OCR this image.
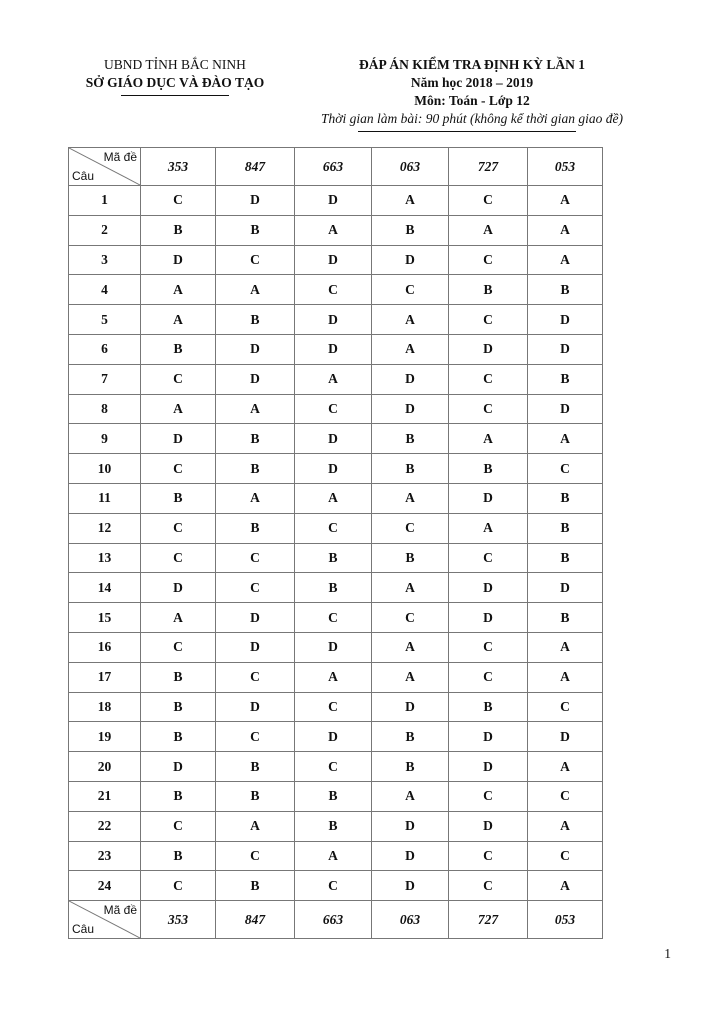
UBND TỈNH BẮC NINH
SỞ GIÁO DỤC VÀ ĐÀO TẠO
ĐÁP ÁN KIỂM TRA ĐỊNH KỲ LẦN 1
Năm học 2018 – 2019
Môn: Toán - Lớp 12
Thời gian làm bài: 90 phút (không kể thời gian giao đề)
Mã đề
Câu	353	847	663	063	727	053
1	C	D	D	A	C	A
2	B	B	A	B	A	A
3	D	C	D	D	C	A
4	A	A	C	C	B	B
5	A	B	D	A	C	D
6	B	D	D	A	D	D
7	C	D	A	D	C	B
8	A	A	C	D	C	D
9	D	B	D	B	A	A
10	C	B	D	B	B	C
11	B	A	A	A	D	B
12	C	B	C	C	A	B
13	C	C	B	B	C	B
14	D	C	B	A	D	D
15	A	D	C	C	D	B
16	C	D	D	A	C	A
17	B	C	A	A	C	A
18	B	D	C	D	B	C
19	B	C	D	B	D	D
20	D	B	C	B	D	A
21	B	B	B	A	C	C
22	C	A	B	D	D	A
23	B	C	A	D	C	C
24	C	B	C	D	C	A

Mã đề
Câu	353	847	663	063	727	053
1
